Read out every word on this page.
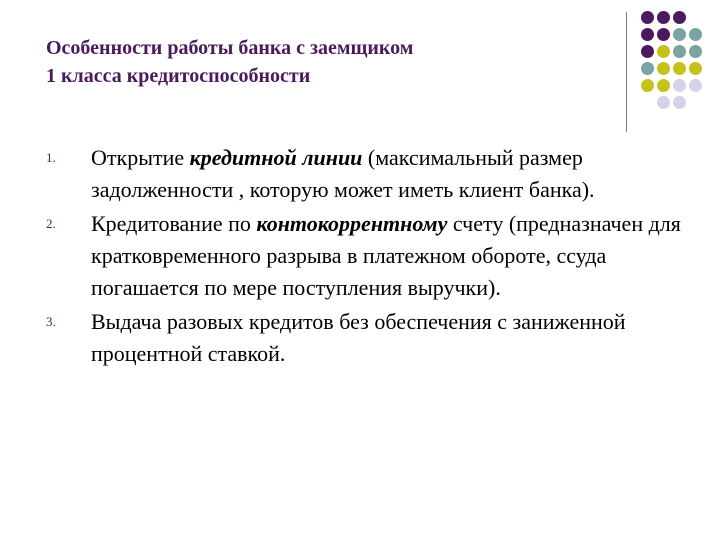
Особенности работы банка с заемщиком
1 класса кредитоспособности
1. Открытие кредитной линии (максимальный размер задолженности , которую может иметь клиент банка).
2. Кредитование по контокоррентному счету (предназначен для кратковременного разрыва в платежном обороте, ссуда погашается по мере поступления выручки).
3. Выдача разовых кредитов без обеспечения с заниженной процентной ставкой.
